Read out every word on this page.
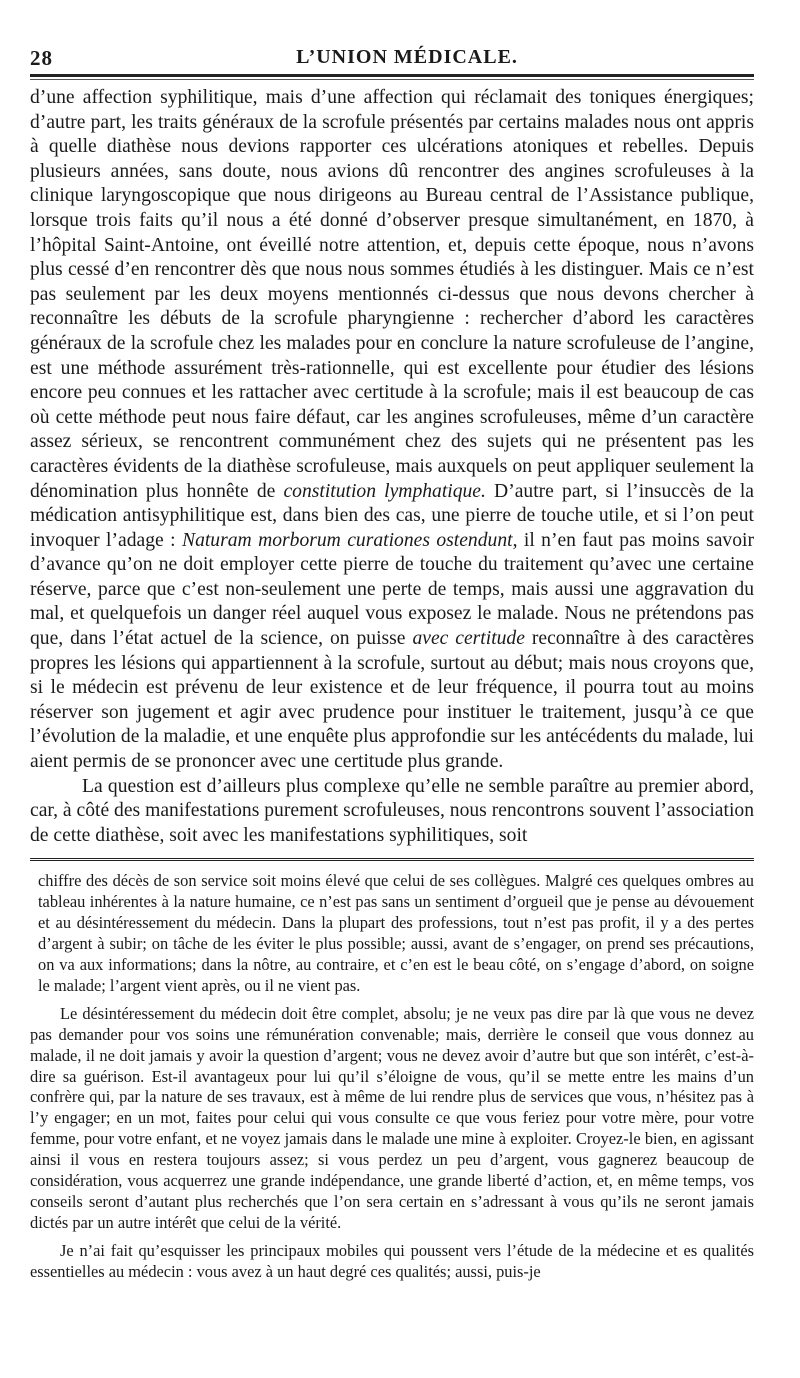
28	L’UNION MÉDICALE.

d’une affection syphilitique, mais d’une affection qui réclamait des toniques énergiques; d’autre part, les traits généraux de la scrofule présentés par certains malades nous ont appris à quelle diathèse nous devions rapporter ces ulcérations atoniques et rebelles. Depuis plusieurs années, sans doute, nous avions dû rencontrer des angines scrofuleuses à la clinique laryngoscopique que nous dirigeons au Bureau central de l’Assistance publique, lorsque trois faits qu’il nous a été donné d’observer presque simultanément, en 1870, à l’hôpital Saint-Antoine, ont éveillé notre attention, et, depuis cette époque, nous n’avons plus cessé d’en rencontrer dès que nous nous sommes étudiés à les distinguer. Mais ce n’est pas seulement par les deux moyens mentionnés ci-dessus que nous devons chercher à reconnaître les débuts de la scrofule pharyngienne : rechercher d’abord les caractères généraux de la scrofule chez les malades pour en conclure la nature scrofuleuse de l’angine, est une méthode assurément très-rationnelle, qui est excellente pour étudier des lésions encore peu connues et les rattacher avec certitude à la scrofule; mais il est beaucoup de cas où cette méthode peut nous faire défaut, car les angines scrofuleuses, même d’un caractère assez sérieux, se rencontrent communément chez des sujets qui ne présentent pas les caractères évidents de la diathèse scrofuleuse, mais auxquels on peut appliquer seulement la dénomination plus honnête de constitution lymphatique. D’autre part, si l’insuccès de la médication antisyphilitique est, dans bien des cas, une pierre de touche utile, et si l’on peut invoquer l’adage : Naturam morborum curationes ostendunt, il n’en faut pas moins savoir d’avance qu’on ne doit employer cette pierre de touche du traitement qu’avec une certaine réserve, parce que c’est non-seulement une perte de temps, mais aussi une aggravation du mal, et quelquefois un danger réel auquel vous exposez le malade. Nous ne prétendons pas que, dans l’état actuel de la science, on puisse avec certitude reconnaître à des caractères propres les lésions qui appartiennent à la scrofule, surtout au début; mais nous croyons que, si le médecin est prévenu de leur existence et de leur fréquence, il pourra tout au moins réserver son jugement et agir avec prudence pour instituer le traitement, jusqu’à ce que l’évolution de la maladie, et une enquête plus approfondie sur les antécédents du malade, lui aient permis de se prononcer avec une certitude plus grande.

La question est d’ailleurs plus complexe qu’elle ne semble paraître au premier abord, car, à côté des manifestations purement scrofuleuses, nous rencontrons souvent l’association de cette diathèse, soit avec les manifestations syphilitiques, soit

chiffre des décès de son service soit moins élevé que celui de ses collègues. Malgré ces quelques ombres au tableau inhérentes à la nature humaine, ce n’est pas sans un sentiment d’orgueil que je pense au dévouement et au désintéressement du médecin. Dans la plupart des professions, tout n’est pas profit, il y a des pertes d’argent à subir; on tâche de les éviter le plus possible; aussi, avant de s’engager, on prend ses précautions, on va aux informations; dans la nôtre, au contraire, et c’en est le beau côté, on s’engage d’abord, on soigne le malade; l’argent vient après, ou il ne vient pas.

Le désintéressement du médecin doit être complet, absolu; je ne veux pas dire par là que vous ne devez pas demander pour vos soins une rémunération convenable; mais, derrière le conseil que vous donnez au malade, il ne doit jamais y avoir la question d’argent; vous ne devez avoir d’autre but que son intérêt, c’est-à-dire sa guérison. Est-il avantageux pour lui qu’il s’éloigne de vous, qu’il se mette entre les mains d’un confrère qui, par la nature de ses travaux, est à même de lui rendre plus de services que vous, n’hésitez pas à l’y engager; en un mot, faites pour celui qui vous consulte ce que vous feriez pour votre mère, pour votre femme, pour votre enfant, et ne voyez jamais dans le malade une mine à exploiter. Croyez-le bien, en agissant ainsi il vous en restera toujours assez; si vous perdez un peu d’argent, vous gagnerez beaucoup de considération, vous acquerrez une grande indépendance, une grande liberté d’action, et, en même temps, vos conseils seront d’autant plus recherchés que l’on sera certain en s’adressant à vous qu’ils ne seront jamais dictés par un autre intérêt que celui de la vérité.

Je n’ai fait qu’esquisser les principaux mobiles qui poussent vers l’étude de la médecine et es qualités essentielles au médecin : vous avez à un haut degré ces qualités; aussi, puis-je
